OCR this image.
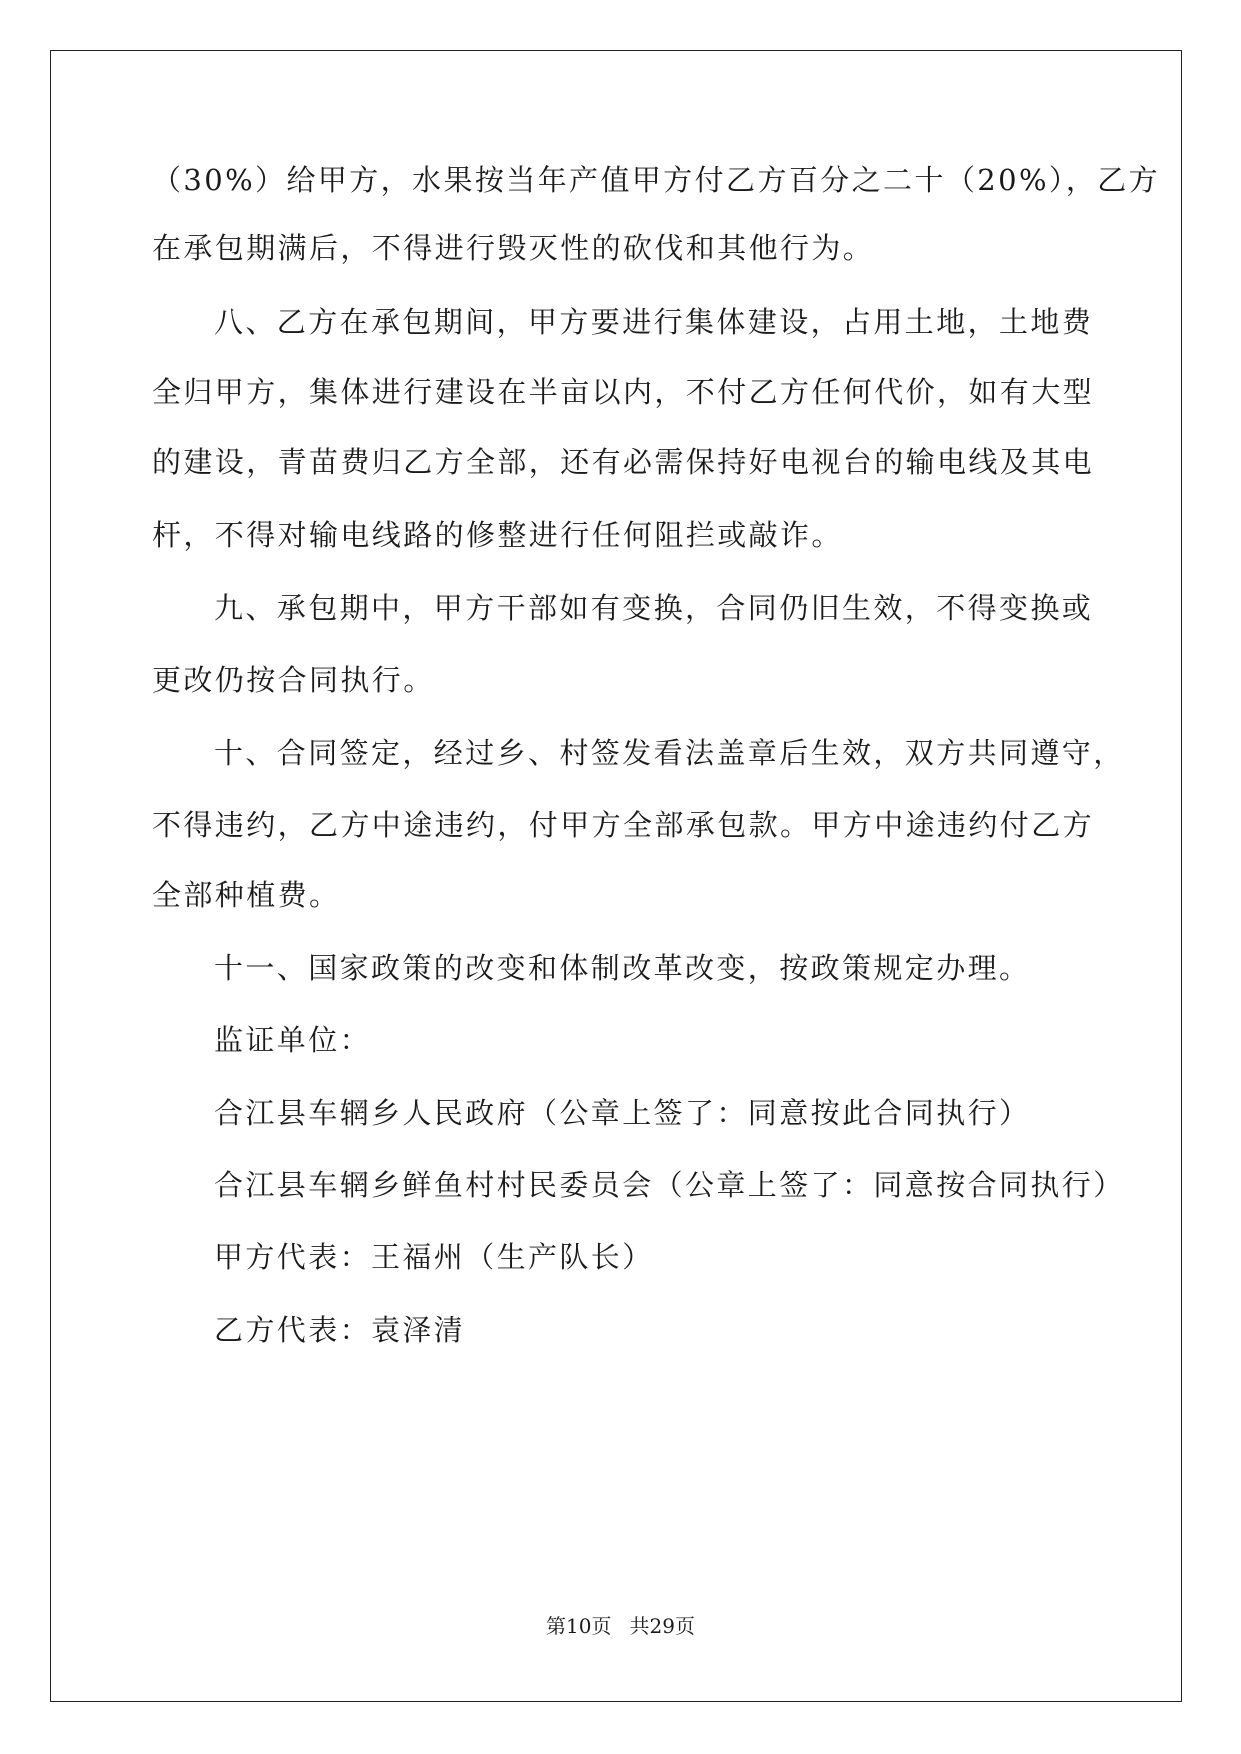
（30%）给甲方，水果按当年产值甲方付乙方百分之二十（20%），乙方
在承包期满后，不得进行毁灭性的砍伐和其他行为。
八、乙方在承包期间，甲方要进行集体建设，占用土地，土地费
全归甲方，集体进行建设在半亩以内，不付乙方任何代价，如有大型
的建设，青苗费归乙方全部，还有必需保持好电视台的输电线及其电
杆，不得对输电线路的修整进行任何阻拦或敲诈。
九、承包期中，甲方干部如有变换，合同仍旧生效，不得变换或
更改仍按合同执行。
十、合同签定，经过乡、村签发看法盖章后生效，双方共同遵守，
不得违约，乙方中途违约，付甲方全部承包款。甲方中途违约付乙方
全部种植费。
十一、国家政策的改变和体制改革改变，按政策规定办理。
监证单位：
合江县车辋乡人民政府（公章上签了：同意按此合同执行）
合江县车辋乡鲜鱼村村民委员会（公章上签了：同意按合同执行）
甲方代表：王福州（生产队长）
乙方代表：袁泽清
第10页 共29页
